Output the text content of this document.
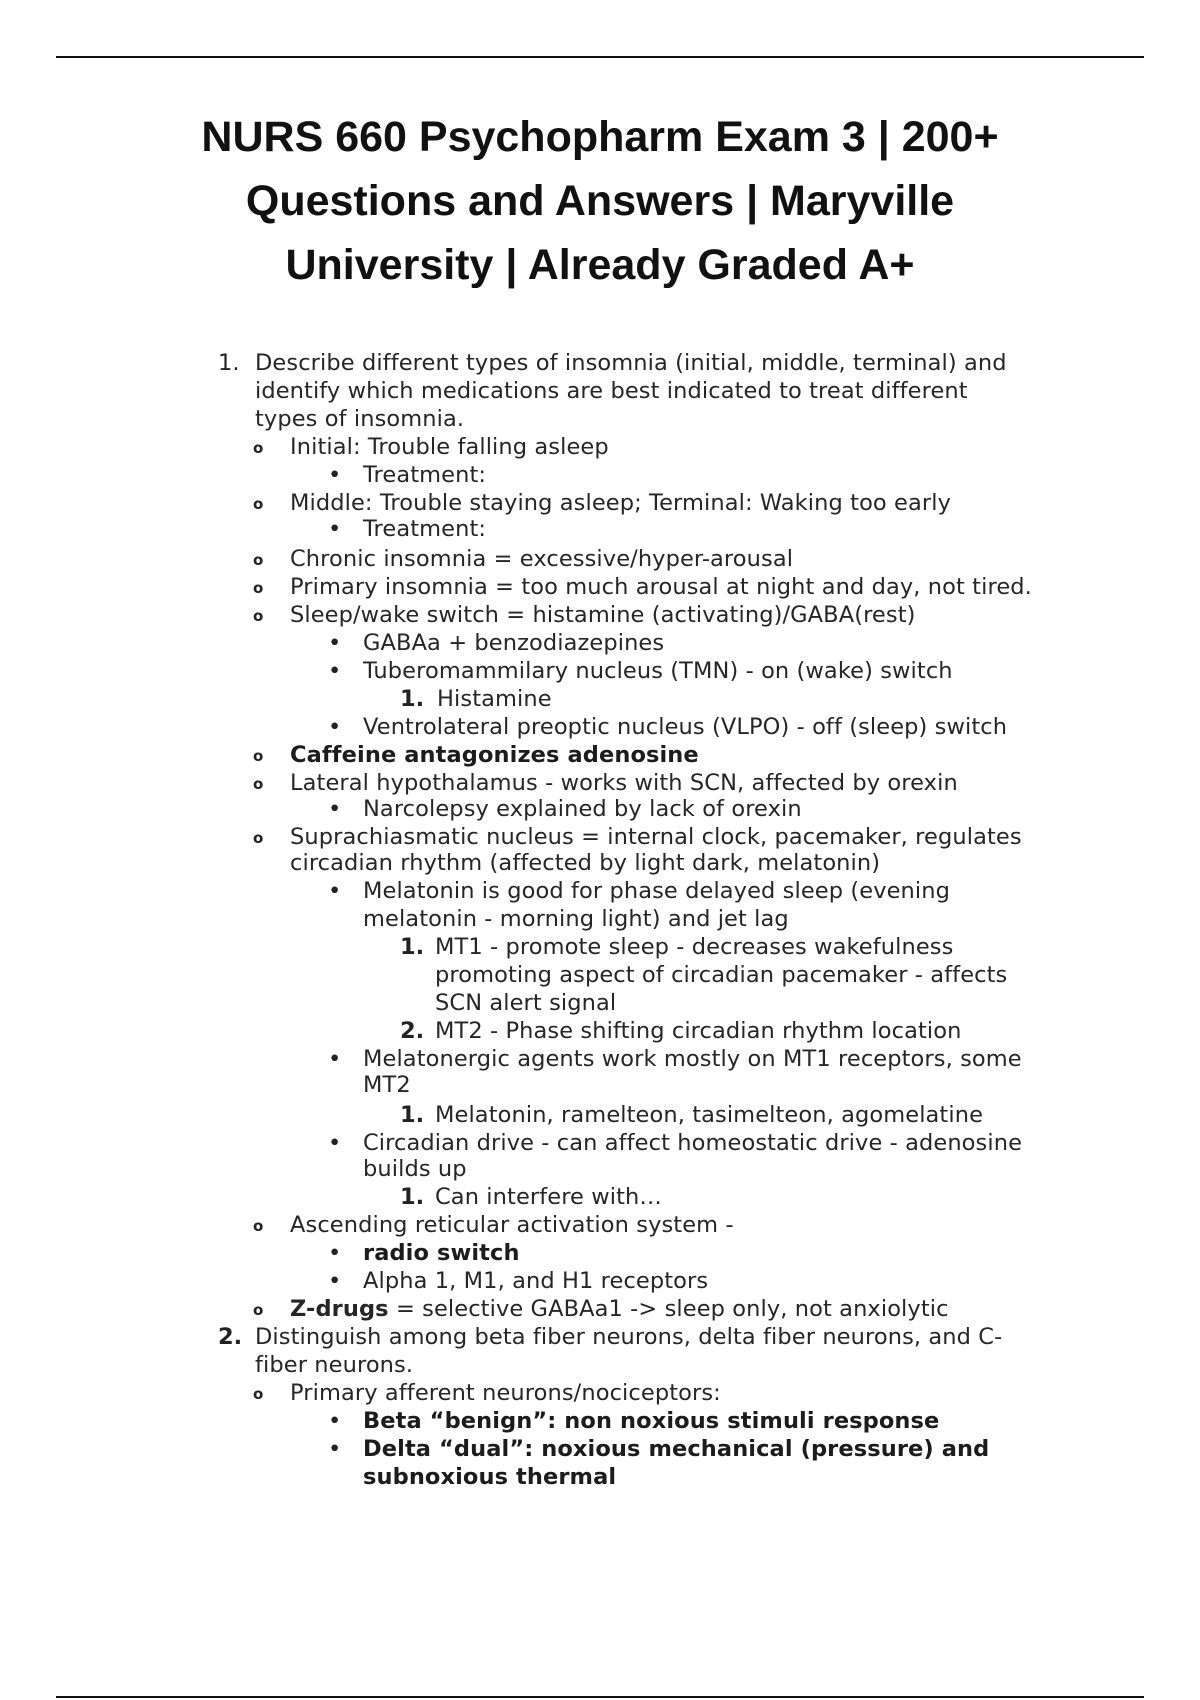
NURS 660 Psychopharm Exam 3 | 200+
Questions and Answers | Maryville
University | Already Graded A+
1. Describe different types of insomnia (initial, middle, terminal) and
identify which medications are best indicated to treat different
types of insomnia.
o Initial: Trouble falling asleep
• Treatment:
o Middle: Trouble staying asleep; Terminal: Waking too early
• Treatment:
o Chronic insomnia = excessive/hyper-arousal
o Primary insomnia = too much arousal at night and day, not tired.
o Sleep/wake switch = histamine (activating)/GABA(rest)
• GABAa + benzodiazepines
• Tuberomammilary nucleus (TMN) - on (wake) switch
1. Histamine
• Ventrolateral preoptic nucleus (VLPO) - off (sleep) switch
o Caffeine antagonizes adenosine
o Lateral hypothalamus - works with SCN, affected by orexin
• Narcolepsy explained by lack of orexin
o Suprachiasmatic nucleus = internal clock, pacemaker, regulates
circadian rhythm (affected by light dark, melatonin)
• Melatonin is good for phase delayed sleep (evening
melatonin - morning light) and jet lag
1. MT1 - promote sleep - decreases wakefulness
promoting aspect of circadian pacemaker - affects
SCN alert signal
2. MT2 - Phase shifting circadian rhythm location
• Melatonergic agents work mostly on MT1 receptors, some
MT2
1. Melatonin, ramelteon, tasimelteon, agomelatine
• Circadian drive - can affect homeostatic drive - adenosine
builds up
1. Can interfere with…
o Ascending reticular activation system -
• radio switch
• Alpha 1, M1, and H1 receptors
o Z-drugs = selective GABAa1 -> sleep only, not anxiolytic
2. Distinguish among beta fiber neurons, delta fiber neurons, and C-
fiber neurons.
o Primary afferent neurons/nociceptors:
• Beta “benign”: non noxious stimuli response
• Delta “dual”: noxious mechanical (pressure) and
subnoxious thermal
